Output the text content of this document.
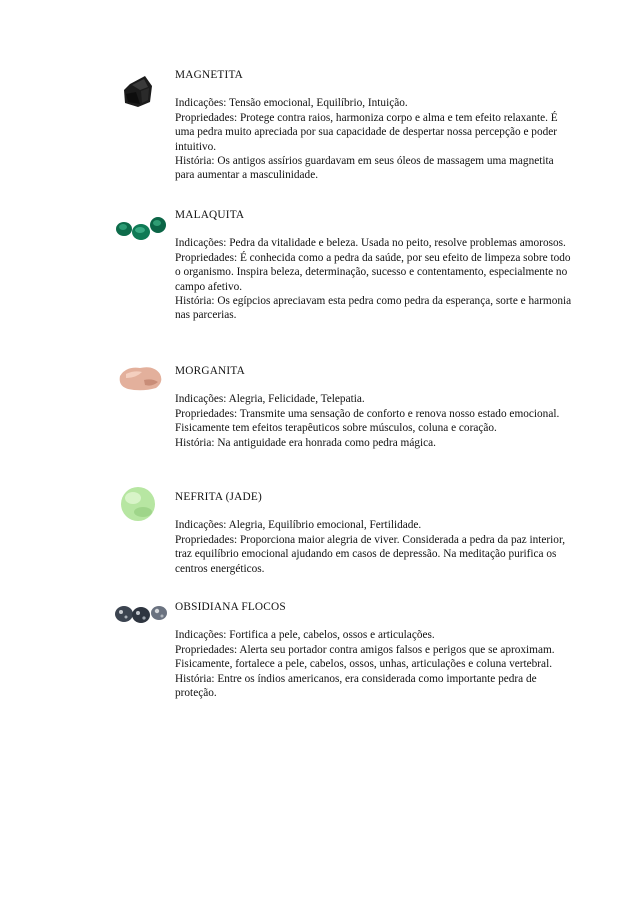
MAGNETITA

Indicações: Tensão emocional, Equilíbrio, Intuição.

Propriedades: Protege contra raios, harmoniza corpo e alma e tem efeito relaxante. É uma pedra muito apreciada por sua capacidade de despertar nossa percepção e poder intuitivo.

História: Os antigos assírios guardavam em seus óleos de massagem uma magnetita para aumentar a masculinidade.

MALAQUITA

Indicações: Pedra da vitalidade e beleza. Usada no peito, resolve problemas amorosos.

Propriedades: É conhecida como a pedra da saúde, por seu efeito de limpeza sobre todo o organismo. Inspira beleza, determinação, sucesso e contentamento, especialmente no campo afetivo.

História: Os egípcios apreciavam esta pedra como pedra da esperança, sorte e harmonia nas parcerias.

MORGANITA

Indicações: Alegria, Felicidade, Telepatia.

Propriedades: Transmite uma sensação de conforto e renova nosso estado emocional. Fisicamente tem efeitos terapêuticos sobre músculos, coluna e coração.

História: Na antiguidade era honrada como pedra mágica.

NEFRITA (JADE)

Indicações: Alegria, Equilíbrio emocional, Fertilidade.

Propriedades: Proporciona maior alegria de viver. Considerada a pedra da paz interior, traz equilíbrio emocional ajudando em casos de depressão. Na meditação purifica os centros energéticos.

OBSIDIANA FLOCOS

Indicações: Fortifica a pele, cabelos, ossos e articulações.

Propriedades: Alerta seu portador contra amigos falsos e perigos que se aproximam. Fisicamente, fortalece a pele, cabelos, ossos, unhas, articulações e coluna vertebral.

História: Entre os índios americanos, era considerada como importante pedra de proteção.
